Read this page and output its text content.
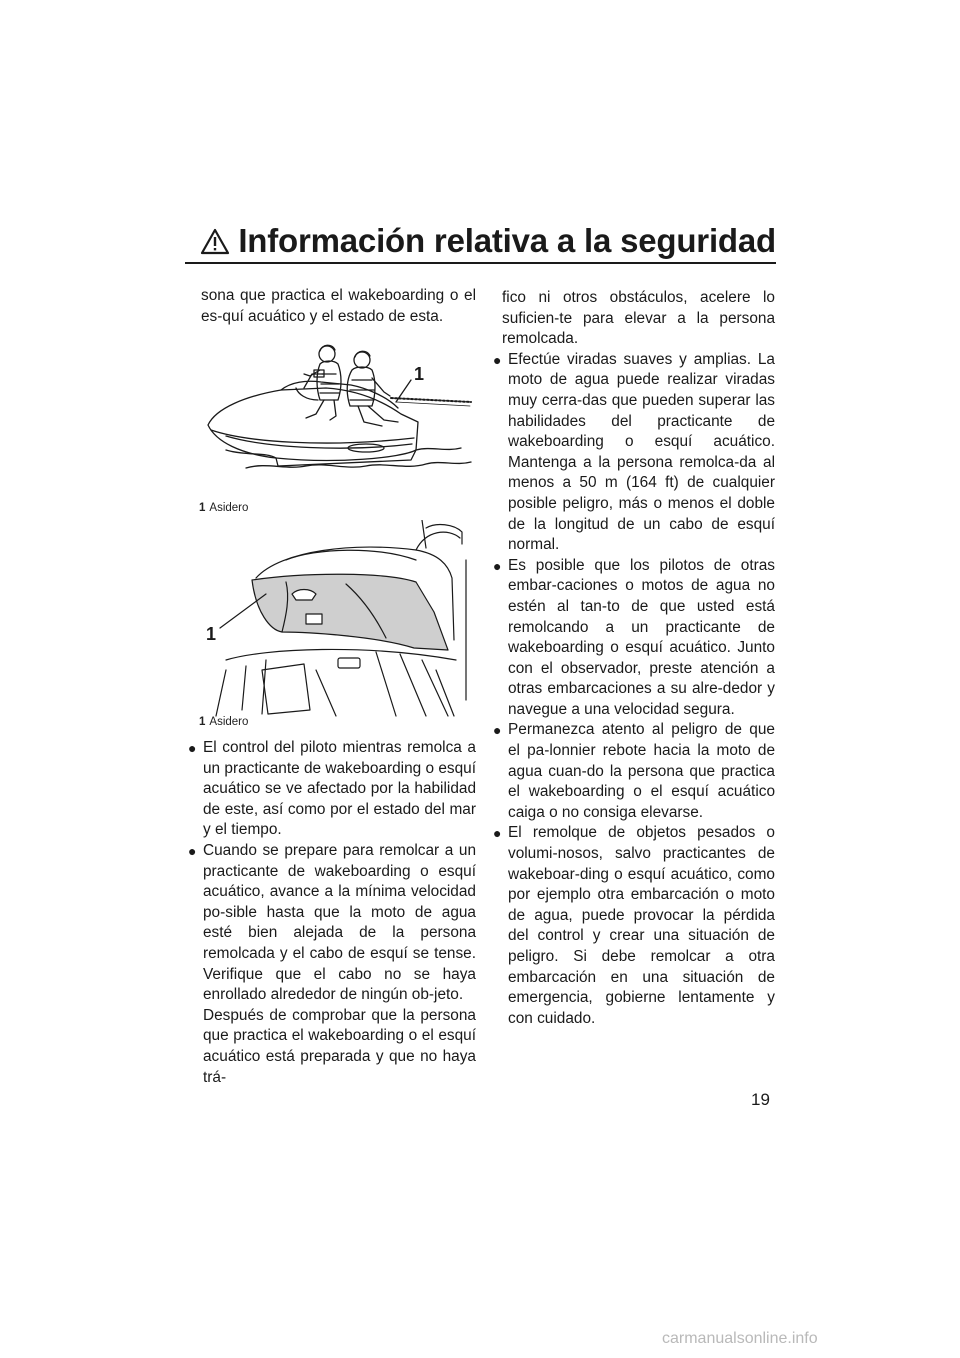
Información relativa a la seguridad

sona que practica el wakeboarding o el es-quí acuático y el estado de esta.

1
1 Asidero
1
1 Asidero

● El control del piloto mientras remolca a un practicante de wakeboarding o esquí acuático se ve afectado por la habilidad de este, así como por el estado del mar y el tiempo.

● Cuando se prepare para remolcar a un practicante de wakeboarding o esquí acuático, avance a la mínima velocidad po-sible hasta que la moto de agua esté bien alejada de la persona remolcada y el cabo de esquí se tense. Verifique que el cabo no se haya enrollado alrededor de ningún ob-jeto.

Después de comprobar que la persona que practica el wakeboarding o el esquí acuático está preparada y que no haya trá-

fico ni otros obstáculos, acelere lo suficien-te para elevar a la persona remolcada.

● Efectúe viradas suaves y amplias. La moto de agua puede realizar viradas muy cerra-das que pueden superar las habilidades del practicante de wakeboarding o esquí acuático. Mantenga a la persona remolca-da al menos a 50 m (164 ft) de cualquier posible peligro, más o menos el doble de la longitud de un cabo de esquí normal.

● Es posible que los pilotos de otras embar-caciones o motos de agua no estén al tan-to de que usted está remolcando a un practicante de wakeboarding o esquí acuático. Junto con el observador, preste atención a otras embarcaciones a su alre-dedor y navegue a una velocidad segura.

● Permanezca atento al peligro de que el pa-lonnier rebote hacia la moto de agua cuan-do la persona que practica el wakeboarding o el esquí acuático caiga o no consiga elevarse.

● El remolque de objetos pesados o volumi-nosos, salvo practicantes de wakeboar-ding o esquí acuático, como por ejemplo otra embarcación o moto de agua, puede provocar la pérdida del control y crear una situación de peligro. Si debe remolcar a otra embarcación en una situación de emergencia, gobierne lentamente y con cuidado.

19
carmanualsonline.info
